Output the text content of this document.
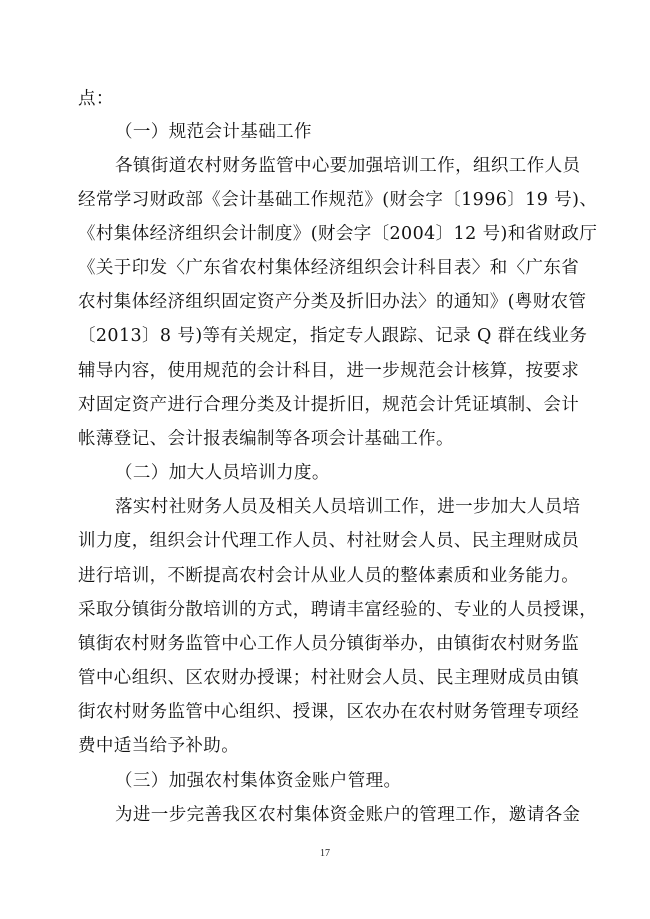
点：
（一）规范会计基础工作
各镇街道农村财务监管中心要加强培训工作，组织工作人员
经常学习财政部《会计基础工作规范》(财会字〔1996〕19 号)、
《村集体经济组织会计制度》(财会字〔2004〕12 号)和省财政厅
《关于印发〈广东省农村集体经济组织会计科目表〉和〈广东省
农村集体经济组织固定资产分类及折旧办法〉的通知》(粤财农管
〔2013〕8 号)等有关规定，指定专人跟踪、记录 Q 群在线业务
辅导内容，使用规范的会计科目，进一步规范会计核算，按要求
对固定资产进行合理分类及计提折旧，规范会计凭证填制、会计
帐薄登记、会计报表编制等各项会计基础工作。
（二）加大人员培训力度。
落实村社财务人员及相关人员培训工作，进一步加大人员培
训力度，组织会计代理工作人员、村社财会人员、民主理财成员
进行培训，不断提高农村会计从业人员的整体素质和业务能力。
采取分镇街分散培训的方式，聘请丰富经验的、专业的人员授课，
镇街农村财务监管中心工作人员分镇街举办，由镇街农村财务监
管中心组织、区农财办授课；村社财会人员、民主理财成员由镇
街农村财务监管中心组织、授课，区农办在农村财务管理专项经
费中适当给予补助。
（三）加强农村集体资金账户管理。
为进一步完善我区农村集体资金账户的管理工作，邀请各金
17
